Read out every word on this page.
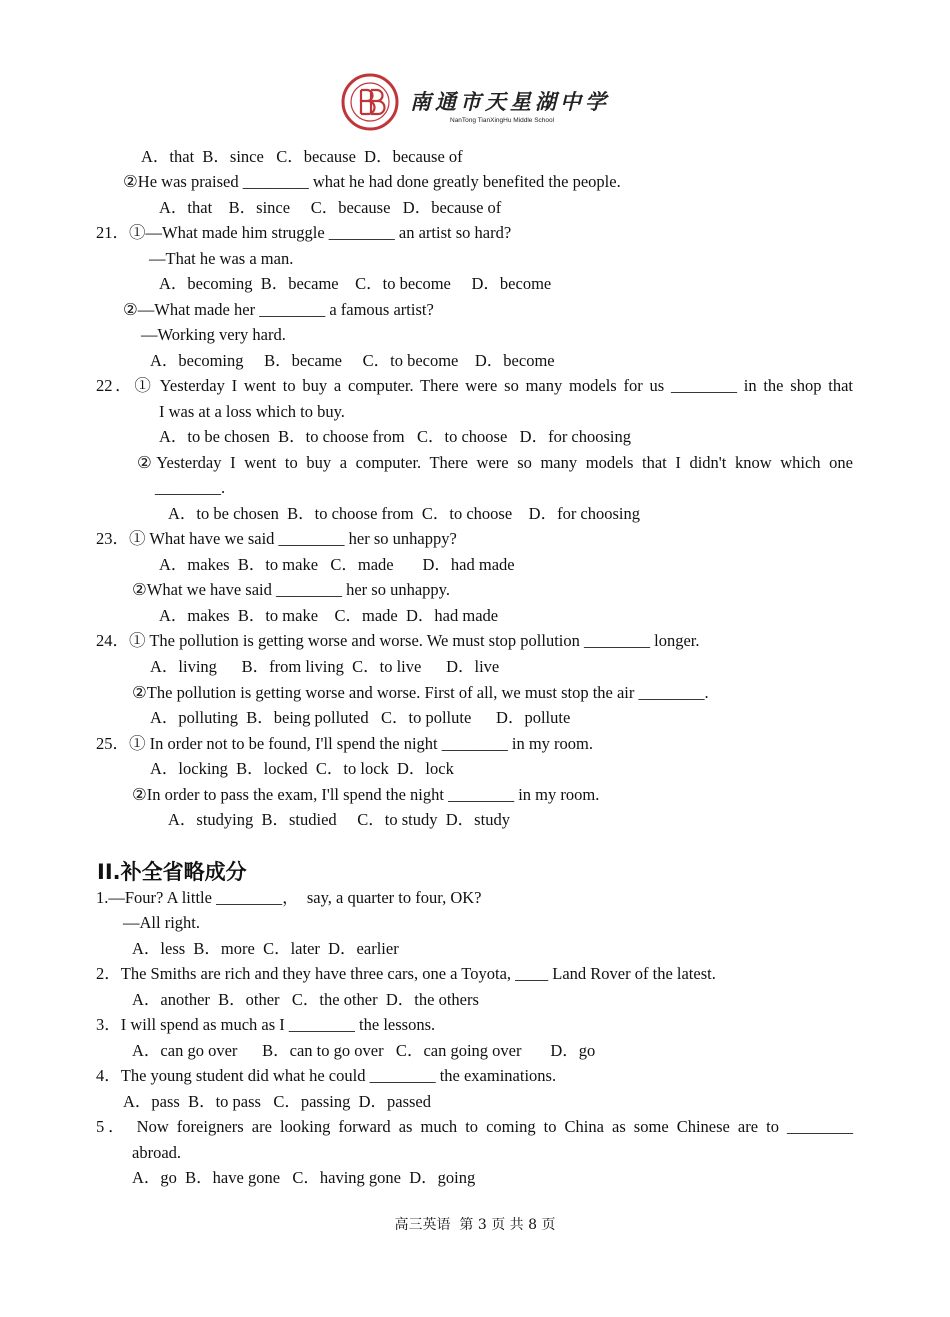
南通市天星湖中学
NanTong TianXingHu Middle School
A．that  B．since   C．because  D．because of
②He was praised ________ what he had done greatly benefited the people.
A．that    B．since     C．because   D．because of
21．①—What made him struggle ________ an artist so hard?
—That he was a man.
A．becoming  B．became    C．to become     D．become
②—What made her ________ a famous artist?
—Working very hard.
A．becoming     B．became     C．to become    D．become
22．① Yesterday I went to buy a computer. There were so many models for us ________ in the shop that
I was at a loss which to buy.
A．to be chosen  B．to choose from   C．to choose   D．for choosing
②Yesterday I went to buy a computer. There were so many models that I didn't know which one
________.
A．to be chosen  B．to choose from  C．to choose    D．for choosing
23．① What have we said ________ her so unhappy?
A．makes  B．to make   C．made       D．had made
②What we have said ________ her so unhappy.
A．makes  B．to make    C．made  D．had made
24．① The pollution is getting worse and worse. We must stop pollution ________ longer.
A．living      B．from living  C．to live      D．live
②The pollution is getting worse and worse. First of all, we must stop the air ________.
A．polluting  B．being polluted   C．to pollute      D．pollute
25．① In order not to be found, I'll spend the night ________ in my room.
A．locking  B．locked  C．to lock  D．lock
②In order to pass the exam, I'll spend the night ________ in my room.
A．studying  B．studied     C．to study  D．study
II.补全省略成分
1.—Four? A little ________，  say, a quarter to four, OK?
—All right.
A．less  B．more  C．later  D．earlier
2．The Smiths are rich and they have three cars, one a Toyota, ____ Land Rover of the latest.
A．another  B．other   C．the other  D．the others
3．I will spend as much as I ________ the lessons.
A．can go over      B．can to go over   C．can going over       D．go
4．The young student did what he could ________ the examinations.
A．pass  B．to pass   C．passing  D．passed
5． Now foreigners are looking forward as much to coming to China as some Chinese are to ________
abroad.
A．go  B．have gone   C．having gone  D．going
高三英语  第 3 页 共 8 页
